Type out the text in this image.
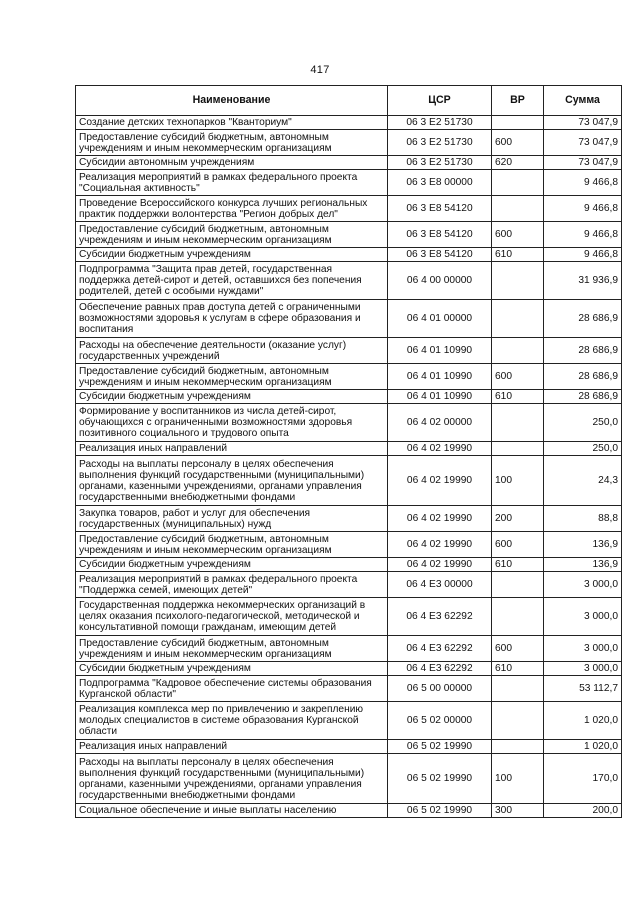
417
Наименование	ЦСР	ВР	Сумма
Создание детских технопарков "Кванториум"	06 3 E2 51730		73 047,9
Предоставление субсидий бюджетным, автономным учреждениям и иным некоммерческим организациям	06 3 E2 51730	600	73 047,9
Субсидии автономным учреждениям	06 3 E2 51730	620	73 047,9
Реализация мероприятий в рамках федерального проекта "Социальная активность"	06 3 E8 00000		9 466,8
Проведение Всероссийского конкурса лучших региональных практик поддержки волонтерства "Регион добрых дел"	06 3 E8 54120		9 466,8
Предоставление субсидий бюджетным, автономным учреждениям и иным некоммерческим организациям	06 3 E8 54120	600	9 466,8
Субсидии бюджетным учреждениям	06 3 E8 54120	610	9 466,8
Подпрограмма "Защита прав детей, государственная поддержка детей-сирот и детей, оставшихся без попечения родителей, детей с особыми нуждами"	06 4 00 00000		31 936,9
Обеспечение равных прав доступа детей с ограниченными возможностями здоровья к услугам в сфере образования и воспитания	06 4 01 00000		28 686,9
Расходы на обеспечение деятельности (оказание услуг) государственных учреждений	06 4 01 10990		28 686,9
Предоставление субсидий бюджетным, автономным учреждениям и иным некоммерческим организациям	06 4 01 10990	600	28 686,9
Субсидии бюджетным учреждениям	06 4 01 10990	610	28 686,9
Формирование у воспитанников из числа детей-сирот, обучающихся с ограниченными возможностями здоровья позитивного социального и трудового опыта	06 4 02 00000		250,0
Реализация иных направлений	06 4 02 19990		250,0
Расходы на выплаты персоналу в целях обеспечения выполнения функций государственными (муниципальными) органами, казенными учреждениями, органами управления государственными внебюджетными фондами	06 4 02 19990	100	24,3
Закупка товаров, работ и услуг для обеспечения государственных (муниципальных) нужд	06 4 02 19990	200	88,8
Предоставление субсидий бюджетным, автономным учреждениям и иным некоммерческим организациям	06 4 02 19990	600	136,9
Субсидии бюджетным учреждениям	06 4 02 19990	610	136,9
Реализация мероприятий в рамках федерального проекта "Поддержка семей, имеющих детей"	06 4 E3 00000		3 000,0
Государственная поддержка некоммерческих организаций в целях оказания психолого-педагогической, методической и консультативной помощи гражданам, имеющим детей	06 4 E3 62292		3 000,0
Предоставление субсидий бюджетным, автономным учреждениям и иным некоммерческим организациям	06 4 E3 62292	600	3 000,0
Субсидии бюджетным учреждениям	06 4 E3 62292	610	3 000,0
Подпрограмма "Кадровое обеспечение системы образования Курганской области"	06 5 00 00000		53 112,7
Реализация комплекса мер по привлечению и закреплению молодых специалистов в системе образования Курганской области	06 5 02 00000		1 020,0
Реализация иных направлений	06 5 02 19990		1 020,0
Расходы на выплаты персоналу в целях обеспечения выполнения функций государственными (муниципальными) органами, казенными учреждениями, органами управления государственными внебюджетными фондами	06 5 02 19990	100	170,0
Социальное обеспечение и иные выплаты населению	06 5 02 19990	300	200,0
